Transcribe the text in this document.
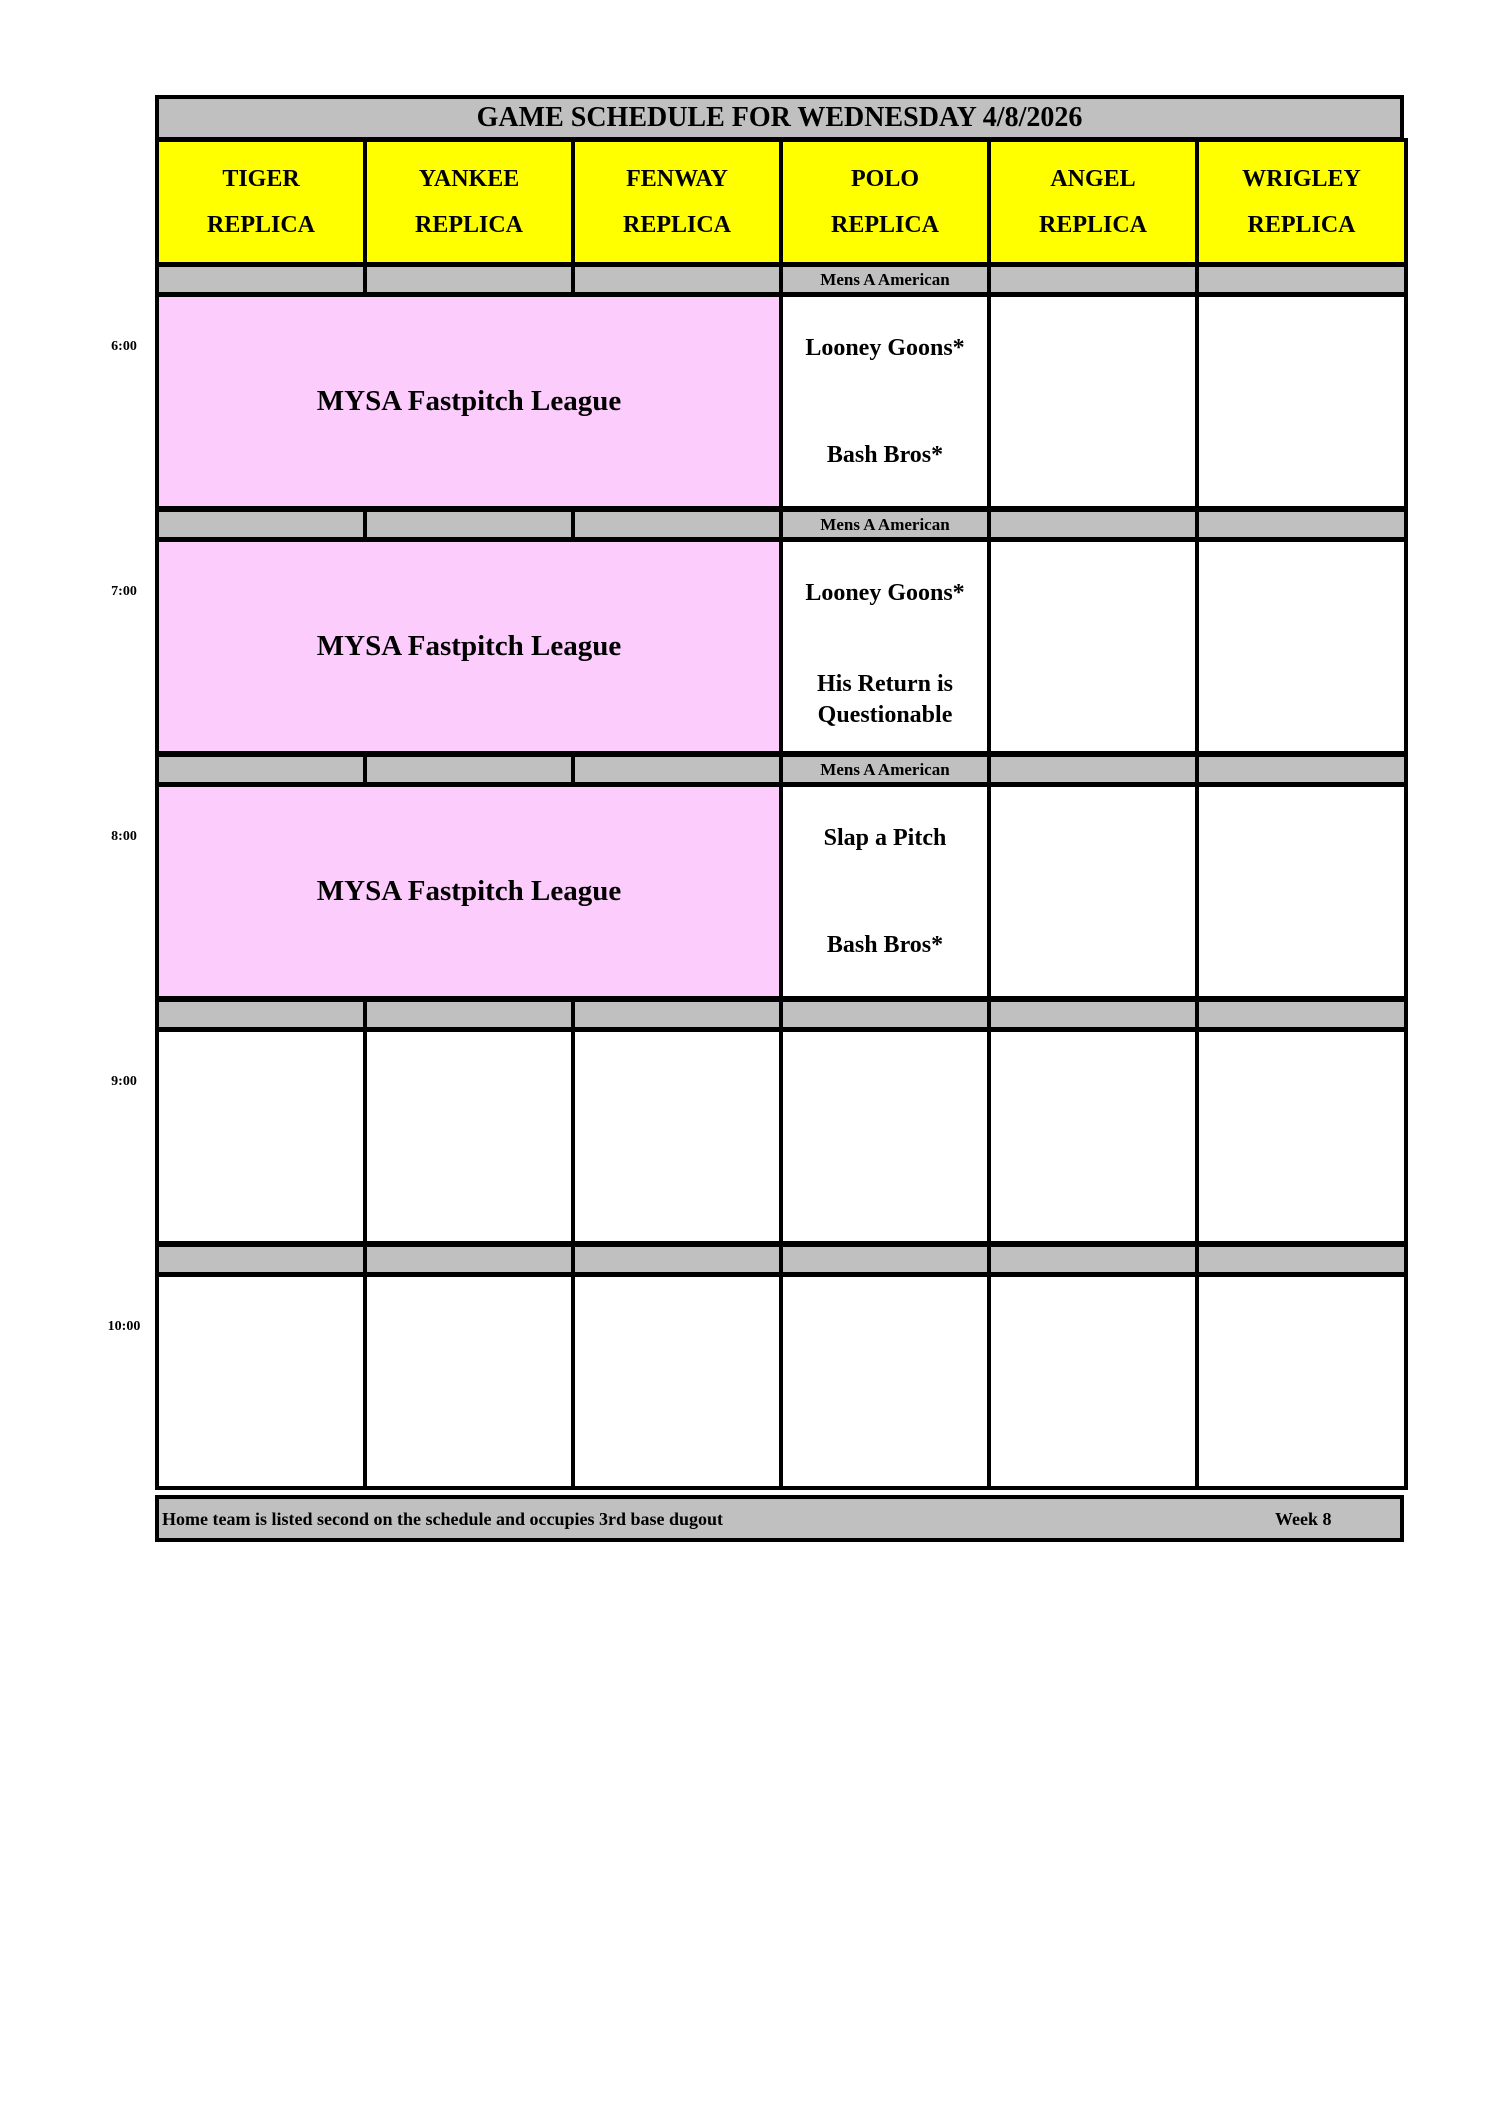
GAME SCHEDULE FOR WEDNESDAY 4/8/2026
TIGER
REPLICA
YANKEE
REPLICA
FENWAY
REPLICA
POLO
REPLICA
ANGEL
REPLICA
WRIGLEY
REPLICA
Mens A American
6:00
MYSA Fastpitch League
Looney Goons*
Bash Bros*
Mens A American
7:00
MYSA Fastpitch League
Looney Goons*
His Return is Questionable
Mens A American
8:00
MYSA Fastpitch League
Slap a Pitch
Bash Bros*
9:00
10:00
Home team is listed second on the schedule and occupies 3rd base dugout	Week 8
